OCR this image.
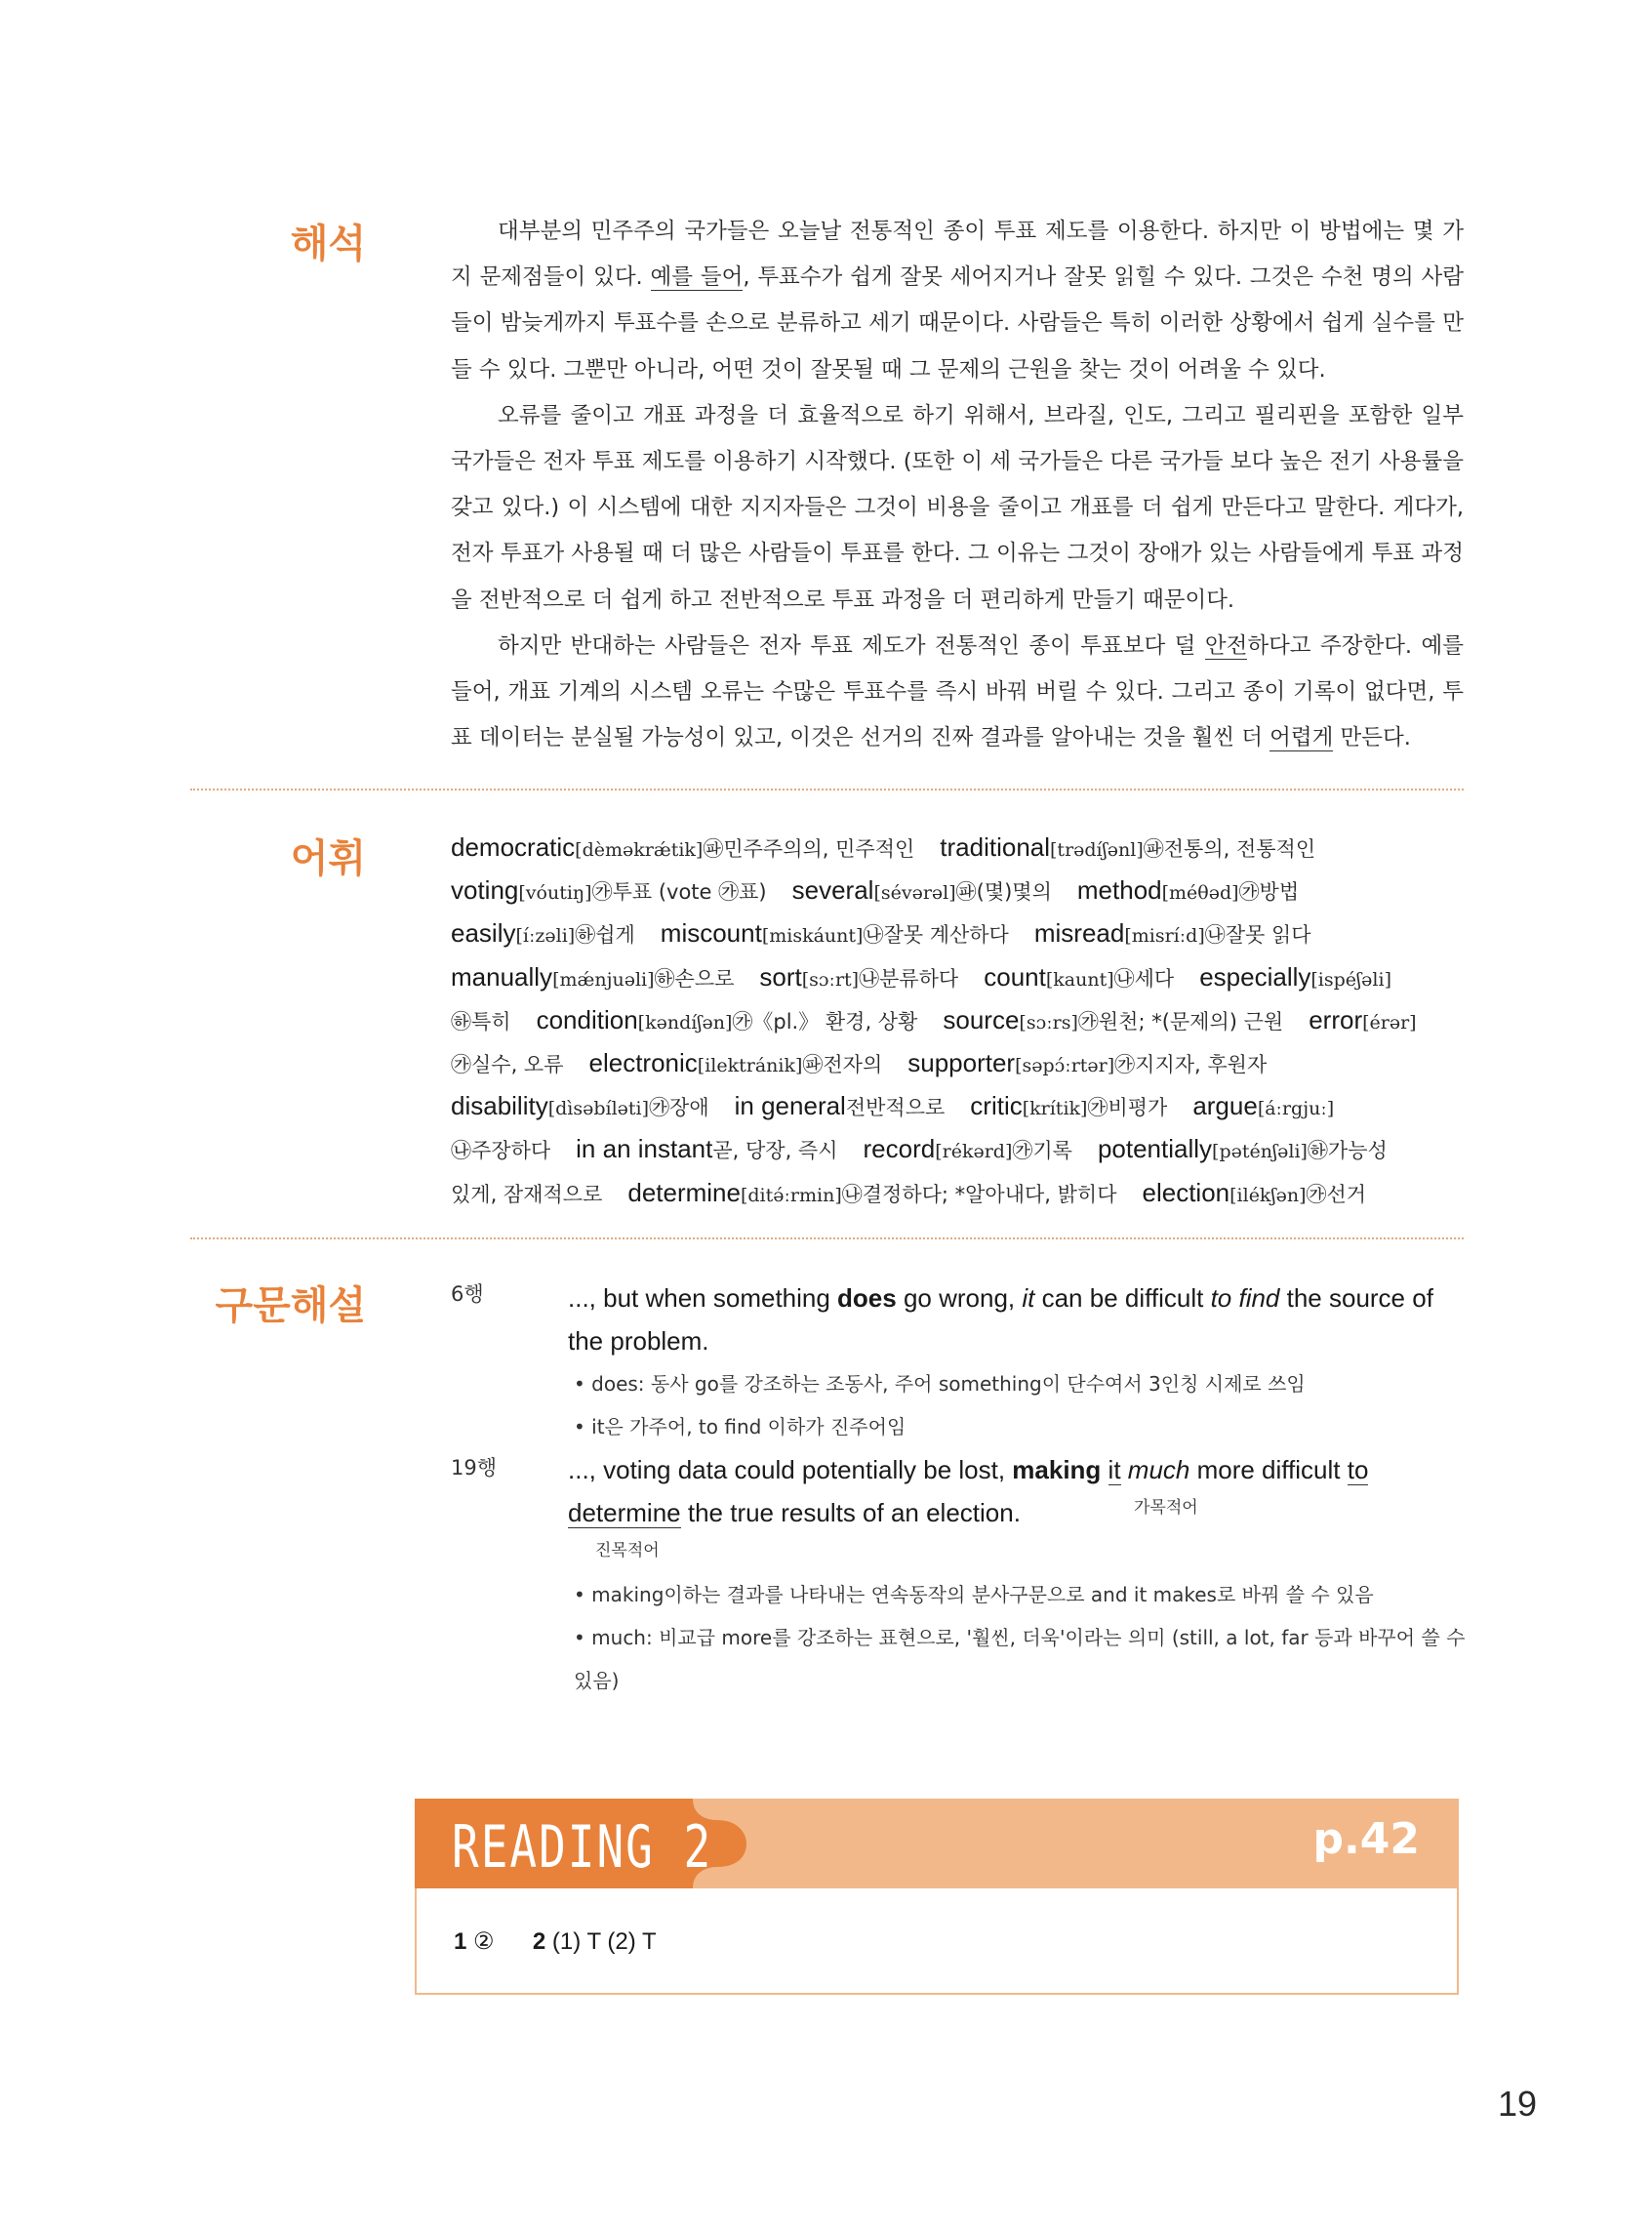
해석
어휘
구문해설

대부분의 민주주의 국가들은 오늘날 전통적인 종이 투표 제도를 이용한다. 하지만 이 방법에는 몇 가지 문제점들이 있다. 예를 들어, 투표수가 쉽게 잘못 세어지거나 잘못 읽힐 수 있다. 그것은 수천 명의 사람들이 밤늦게까지 투표수를 손으로 분류하고 세기 때문이다. 사람들은 특히 이러한 상황에서 쉽게 실수를 만들 수 있다. 그뿐만 아니라, 어떤 것이 잘못될 때 그 문제의 근원을 찾는 것이 어려울 수 있다.

오류를 줄이고 개표 과정을 더 효율적으로 하기 위해서, 브라질, 인도, 그리고 필리핀을 포함한 일부 국가들은 전자 투표 제도를 이용하기 시작했다. (또한 이 세 국가들은 다른 국가들 보다 높은 전기 사용률을 갖고 있다.) 이 시스템에 대한 지지자들은 그것이 비용을 줄이고 개표를 더 쉽게 만든다고 말한다. 게다가, 전자 투표가 사용될 때 더 많은 사람들이 투표를 한다. 그 이유는 그것이 장애가 있는 사람들에게 투표 과정을 전반적으로 더 쉽게 하고 전반적으로 투표 과정을 더 편리하게 만들기 때문이다.

하지만 반대하는 사람들은 전자 투표 제도가 전통적인 종이 투표보다 덜 안전하다고 주장한다. 예를 들어, 개표 기계의 시스템 오류는 수많은 투표수를 즉시 바꿔 버릴 수 있다. 그리고 종이 기록이 없다면, 투표 데이터는 분실될 가능성이 있고, 이것은 선거의 진짜 결과를 알아내는 것을 훨씬 더 어렵게 만든다.

democratic[dèməkrǽtik]㉺민주주의의, 민주적인 traditional[trədíʃənl]㉺전통의, 전통적인
voting[vóutiŋ]㉮투표 (vote ㉮표) several[sévərəl]㉺(몇)몇의 method[méθəd]㉮방법
easily[íːzəli]㉻쉽게 miscount[miskáunt]㉯잘못 계산하다 misread[misríːd]㉯잘못 읽다
manually[mǽnjuəli]㉻손으로 sort[sɔːrt]㉯분류하다 count[kaunt]㉯세다 especially[ispéʃəli]
㉻특히 condition[kəndíʃən]㉮《pl.》 환경, 상황 source[sɔːrs]㉮원천; *(문제의) 근원 error[érər]
㉮실수, 오류 electronic[ilektránik]㉺전자의 supporter[səpɔ́ːrtər]㉮지지자, 후원자
disability[dìsəbíləti]㉮장애 in general전반적으로 critic[krítik]㉮비평가 argue[áːrgjuː]
㉯주장하다 in an instant곧, 당장, 즉시 record[rékərd]㉮기록 potentially[pəténʃəli]㉻가능성
있게, 잠재적으로 determine[ditə́ːrmin]㉯결정하다; *알아내다, 밝히다 election[ilékʃən]㉮선거
6행	..., but when something does go wrong, it can be difficult to find the source of the problem.

• does: 동사 go를 강조하는 조동사, 주어 something이 단수여서 3인칭 시제로 쓰임

• it은 가주어, to find 이하가 진주어임

19행	..., voting data could potentially be lost, making it much more difficult to
determine the true results of an election.	가목적어
진목적어

• making이하는 결과를 나타내는 연속동작의 분사구문으로 and it makes로 바꿔 쓸 수 있음

• much: 비교급 more를 강조하는 표현으로, '훨씬, 더욱'이라는 의미 (still, a lot, far 등과 바꾸어 쓸 수 있음)

READING 2	p.42
1 ② 2 (1) T (2) T
19
